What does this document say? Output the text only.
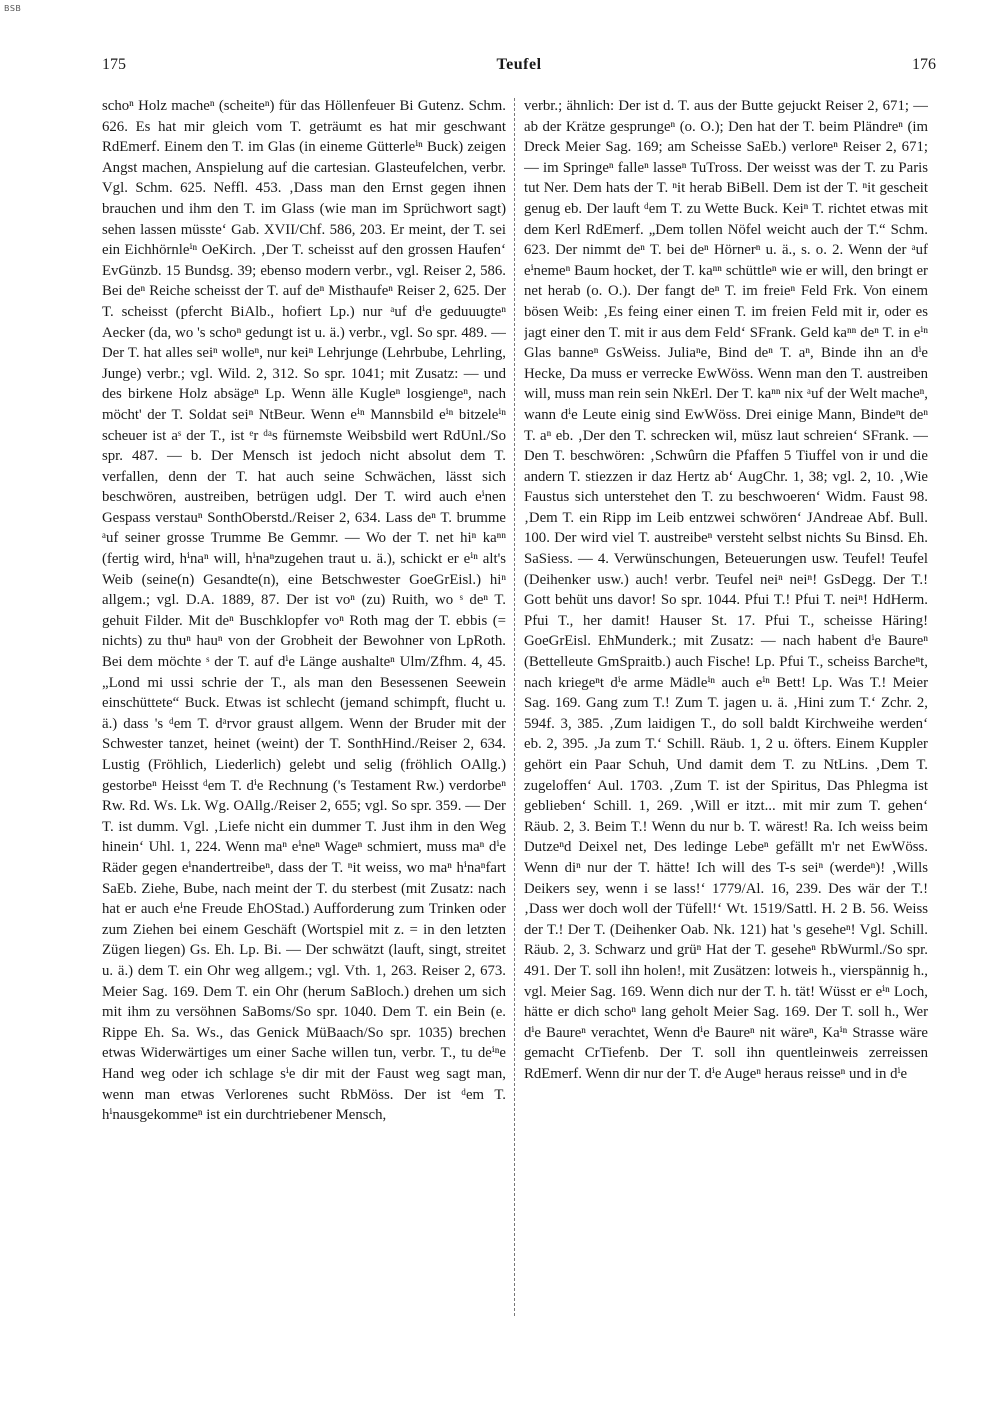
BSB
175	Teufel	176

schoⁿ Holz macheⁿ (scheiteⁿ) für das Höllenfeuer Bi Gutenz. Schm. 626. Es hat mir gleich vom T. geträumt es hat mir geschwant RdEmerf. Einem den T. im Glas (in eineme Gütterleⁱⁿ Buck) zeigen Angst machen, Anspielung auf die cartesian. Glasteufelchen, verbr. Vgl. Schm. 625. Neffl. 453. ‚Dass man den Ernst gegen ihnen brauchen und ihm den T. im Glass (wie man im Sprüchwort sagt) sehen lassen müsste‘ Gab. XVII/Chf. 586, 203. Er meint, der T. sei ein Eichhörnleⁱⁿ OeKirch. ‚Der T. scheisst auf den grossen Haufen‘ EvGünzb. 15 Bundsg. 39; ebenso modern verbr., vgl. Reiser 2, 586. Bei deⁿ Reiche scheisst der T. auf deⁿ Misthaufeⁿ Reiser 2, 625. Der T. scheisst (pfercht BiAlb., hofiert Lp.) nur ᵃuf dⁱe geduuugteⁿ Aecker (da, wo 's schoⁿ gedungt ist u. ä.) verbr., vgl. So spr. 489. — Der T. hat alles seiⁿ wolleⁿ, nur keiⁿ Lehrjunge (Lehrbube, Lehrling, Junge) verbr.; vgl. Wild. 2, 312. So spr. 1041; mit Zusatz: — und des birkene Holz absägeⁿ Lp. Wenn älle Kugleⁿ losgiengeⁿ, nach möcht' der T. Soldat seiⁿ NtBeur. Wenn eⁱⁿ Mannsbild eⁱⁿ bitzeleⁱⁿ scheuer ist aˢ der T., ist ᵉr ᵈᵃs fürnemste Weibsbild wert RdUnl./So spr. 487. — b. Der Mensch ist jedoch nicht absolut dem T. verfallen, denn der T. hat auch seine Schwächen, lässt sich beschwören, austreiben, betrügen udgl. Der T. wird auch eⁱnen Gespass verstauⁿ SonthOberstd./Reiser 2, 634. Lass deⁿ T. brumme ᵃuf seiner grosse Trumme Be Gemmr. — Wo der T. net hiⁿ kaⁿⁿ (fertig wird, hⁱnaⁿ will, hⁱnaⁿzugehen traut u. ä.), schickt er eⁱⁿ alt's Weib (seine(n) Gesandte(n), eine Betschwester GoeGrEisl.) hiⁿ allgem.; vgl. D.A. 1889, 87. Der ist voⁿ (zu) Ruith, wo ˢ deⁿ T. gehuit Filder. Mit deⁿ Buschklopfer voⁿ Roth mag der T. ebbis (= nichts) zu thuⁿ hauⁿ von der Grobheit der Bewohner von LpRoth. Bei dem möchte ˢ der T. auf dⁱe Länge aushalteⁿ Ulm/Zfhm. 4, 45. „Lond mi ussi schrie der T., als man den Besessenen Seewein einschüttete“ Buck. Etwas ist schlecht (jemand schimpft, flucht u. ä.) dass 's ᵈem T. dᵃrvor graust allgem. Wenn der Bruder mit der Schwester tanzet, heinet (weint) der T. SonthHind./Reiser 2, 634. Lustig (Fröhlich, Liederlich) gelebt und selig (fröhlich OAllg.) gestorbeⁿ Heisst ᵈem T. dⁱe Rechnung ('s Testament Rw.) verdorbeⁿ Rw. Rd. Ws. Lk. Wg. OAllg./Reiser 2, 655; vgl. So spr. 359. — Der T. ist dumm. Vgl. ‚Liefe nicht ein dummer T. Just ihm in den Weg hinein‘ Uhl. 1, 224. Wenn maⁿ eⁱneⁿ Wageⁿ schmiert, muss maⁿ dⁱe Räder gegen eⁱnandertreibeⁿ, dass der T. ⁿit weiss, wo maⁿ hⁱnaⁿfart SaEb. Ziehe, Bube, nach meint der T. du sterbest (mit Zusatz: nach hat er auch eⁱne Freude EhOStad.) Aufforderung zum Trinken oder zum Ziehen bei einem Geschäft (Wortspiel mit z. = in den letzten Zügen liegen) Gs. Eh. Lp. Bi. — Der schwätzt (lauft, singt, streitet u. ä.) dem T. ein Ohr weg allgem.; vgl. Vth. 1, 263. Reiser 2, 673. Meier Sag. 169. Dem T. ein Ohr (herum SaBloch.) drehen um sich mit ihm zu versöhnen SaBoms/So spr. 1040. Dem T. ein Bein (e. Rippe Eh. Sa. Ws., das Genick MüBaach/So spr. 1035) brechen etwas Widerwärtiges um einer Sache willen tun, verbr. T., tu deⁱⁿe Hand weg oder ich schlage sⁱe dir mit der Faust weg sagt man, wenn man etwas Verlorenes sucht RbMöss. Der ist ᵈem T. hⁱnausgekommeⁿ ist ein durchtriebener Mensch,

verbr.; ähnlich: Der ist d. T. aus der Butte gejuckt Reiser 2, 671; — ab der Krätze gesprungeⁿ (o. O.); Den hat der T. beim Pländreⁿ (im Dreck Meier Sag. 169; am Scheisse SaEb.) verloreⁿ Reiser 2, 671; — im Springeⁿ falleⁿ lasseⁿ TuTross. Der weisst was der T. zu Paris tut Ner. Dem hats der T. ⁿit herab BiBell. Dem ist der T. ⁿit gescheit genug eb. Der lauft ᵈem T. zu Wette Buck. Keiⁿ T. richtet etwas mit dem Kerl RdEmerf. „Dem tollen Nöfel weicht auch der T.“ Schm. 623. Der nimmt deⁿ T. bei deⁿ Hörnerⁿ u. ä., s. o. 2. Wenn der ᵃuf eⁱnemeⁿ Baum hocket, der T. kaⁿⁿ schüttleⁿ wie er will, den bringt er net herab (o. O.). Der fangt deⁿ T. im freieⁿ Feld Frk. Von einem bösen Weib: ‚Es feing einer einen T. im freien Feld mit ir, oder es jagt einer den T. mit ir aus dem Feld‘ SFrank. Geld kaⁿⁿ deⁿ T. in eⁱⁿ Glas banneⁿ GsWeiss. Juliaⁿe, Bind deⁿ T. aⁿ, Binde ihn an dⁱe Hecke, Da muss er verrecke EwWöss. Wenn man den T. austreiben will, muss man rein sein NkErl. Der T. kaⁿⁿ nix ᵃuf der Welt macheⁿ, wann dⁱe Leute einig sind EwWöss. Drei einige Mann, Bindeⁿt deⁿ T. aⁿ eb. ‚Der den T. schrecken wil, müsz laut schreien‘ SFrank. — Den T. beschwören: ‚Schwûrn die Pfaffen 5 Tiuffel von ir und die andern T. stiezzen ir daz Hertz ab‘ AugChr. 1, 38; vgl. 2, 10. ‚Wie Faustus sich unterstehet den T. zu beschwoeren‘ Widm. Faust 98. ‚Dem T. ein Ripp im Leib entzwei schwören‘ JAndreae Abf. Bull. 100. Der wird viel T. austreibeⁿ versteht selbst nichts Su Binsd. Eh. SaSiess. — 4. Verwünschungen, Beteuerungen usw. Teufel! Teufel (Deihenker usw.) auch! verbr. Teufel neiⁿ neiⁿ! GsDegg. Der T.! Gott behüt uns davor! So spr. 1044. Pfui T.! Pfui T. neiⁿ! HdHerm. Pfui T., her damit! Hauser St. 17. Pfui T., scheisse Häring! GoeGrEisl. EhMunderk.; mit Zusatz: — nach habent dⁱe Baureⁿ (Bettelleute GmSpraitb.) auch Fische! Lp. Pfui T., scheiss Barcheⁿt, nach kriegeⁿt dⁱe arme Mädleⁱⁿ auch eⁱⁿ Bett! Lp. Was T.! Meier Sag. 169. Gang zum T.! Zum T. jagen u. ä. ‚Hini zum T.‘ Zchr. 2, 594f. 3, 385. ‚Zum laidigen T., do soll baldt Kirchweihe werden‘ eb. 2, 395. ‚Ja zum T.‘ Schill. Räub. 1, 2 u. öfters. Einem Kuppler gehört ein Paar Schuh, Und damit dem T. zu NtLins. ‚Dem T. zugeloffen‘ Aul. 1703. ‚Zum T. ist der Spiritus, Das Phlegma ist geblieben‘ Schill. 1, 269. ‚Will er itzt... mit mir zum T. gehen‘ Räub. 2, 3. Beim T.! Wenn du nur b. T. wärest! Ra. Ich weiss beim Dutzeⁿd Deixel net, Des ledinge Lebeⁿ gefällt m'r net EwWöss. Wenn diⁿ nur der T. hätte! Ich will des T-s seiⁿ (werdeⁿ)! ‚Wills Deikers sey, wenn i se lass!‘ 1779/Al. 16, 239. Des wär der T.! ‚Dass wer doch woll der Tüfell!‘ Wt. 1519/Sattl. H. 2 B. 56. Weiss der T.! Der T. (Deihenker Oab. Nk. 121) hat 's geseheⁿ! Vgl. Schill. Räub. 2, 3. Schwarz und grüⁿ Hat der T. geseheⁿ RbWurml./So spr. 491. Der T. soll ihn holen!, mit Zusätzen: lotweis h., vierspännig h., vgl. Meier Sag. 169. Wenn dich nur der T. h. tät! Wüsst er eⁱⁿ Loch, hätte er dich schoⁿ lang geholt Meier Sag. 169. Der T. soll h., Wer dⁱe Baureⁿ verachtet, Wenn dⁱe Baureⁿ nit wäreⁿ, Kaⁱⁿ Strasse wäre gemacht CrTiefenb. Der T. soll ihn quentleinweis zerreissen RdEmerf. Wenn dir nur der T. dⁱe Augeⁿ heraus reisseⁿ und in dⁱe
